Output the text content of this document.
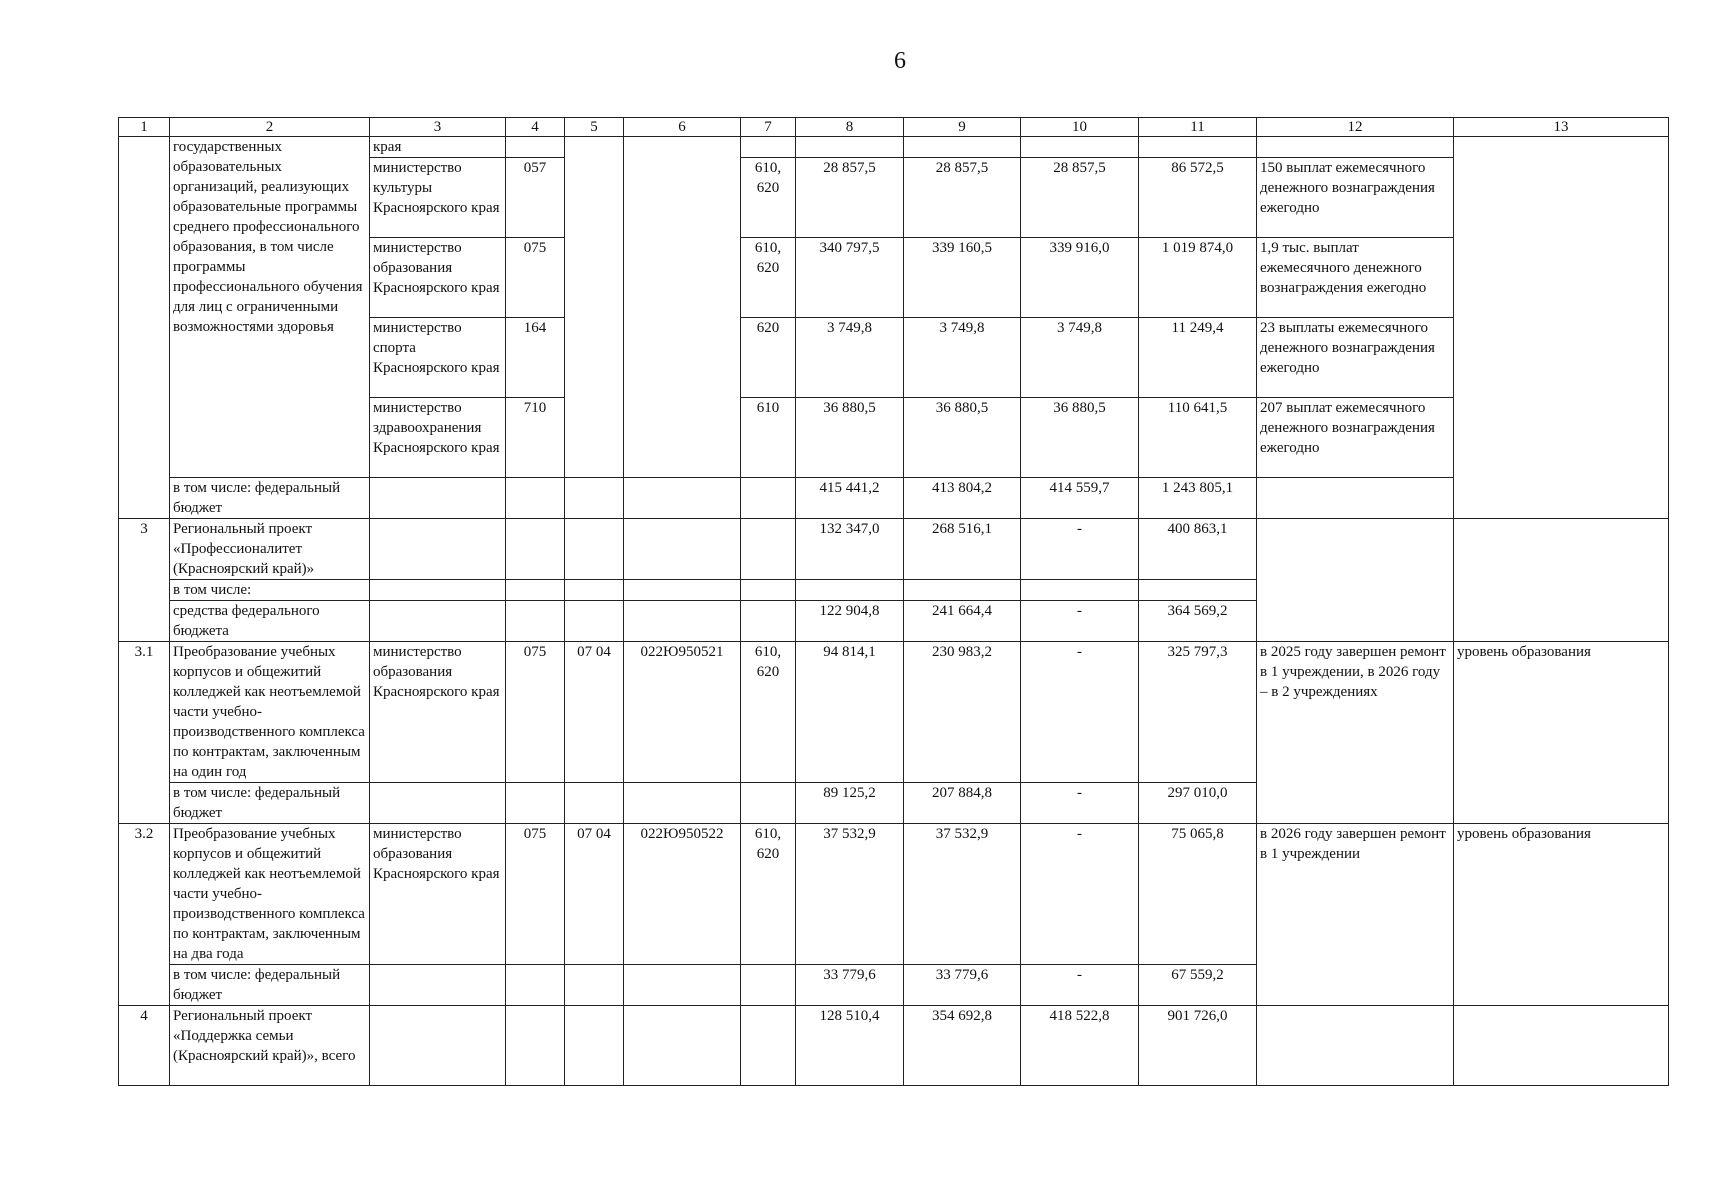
6
1	2	3	4	5	6	7	8	9	10	11	12	13
	государственных образовательных организаций, реализующих образовательные программы среднего профессионального образования, в том числе программы профессионального обучения для лиц с ограниченными возможностями здоровья	края										
		министерство культуры Красноярского края	057			610, 620	28 857,5	28 857,5	28 857,5	86 572,5	150 выплат ежемесячного денежного вознаграждения ежегодно	
		министерство образования Красноярского края	075			610, 620	340 797,5	339 160,5	339 916,0	1 019 874,0	1,9 тыс. выплат ежемесячного денежного вознаграждения ежегодно	
		министерство спорта Красноярского края	164			620	3 749,8	3 749,8	3 749,8	11 249,4	23 выплаты ежемесячного денежного вознаграждения ежегодно	
		министерство здравоохранения Красноярского края	710			610	36 880,5	36 880,5	36 880,5	110 641,5	207 выплат ежемесячного денежного вознаграждения ежегодно	
	в том числе: федеральный бюджет						415 441,2	413 804,2	414 559,7	1 243 805,1		
3	Региональный проект «Профессионалитет (Красноярский край)»						132 347,0	268 516,1	-	400 863,1		
	в том числе:											
	средства федерального бюджета						122 904,8	241 664,4	-	364 569,2		
3.1	Преобразование учебных корпусов и общежитий колледжей как неотъемлемой части учебно-производственного комплекса по контрактам, заключенным на один год	министерство образования Красноярского края	075	07 04	022Ю950521	610, 620	94 814,1	230 983,2	-	325 797,3	в 2025 году завершен ремонт в 1 учреждении, в 2026 году – в 2 учреждениях	уровень образования
	в том числе: федеральный бюджет						89 125,2	207 884,8	-	297 010,0		
3.2	Преобразование учебных корпусов и общежитий колледжей как неотъемлемой части учебно-производственного комплекса по контрактам, заключенным на два года	министерство образования Красноярского края	075	07 04	022Ю950522	610, 620	37 532,9	37 532,9	-	75 065,8	в 2026 году завершен ремонт в 1 учреждении	уровень образования
	в том числе: федеральный бюджет						33 779,6	33 779,6	-	67 559,2		
4	Региональный проект «Поддержка семьи (Красноярский край)», всего						128 510,4	354 692,8	418 522,8	901 726,0		
